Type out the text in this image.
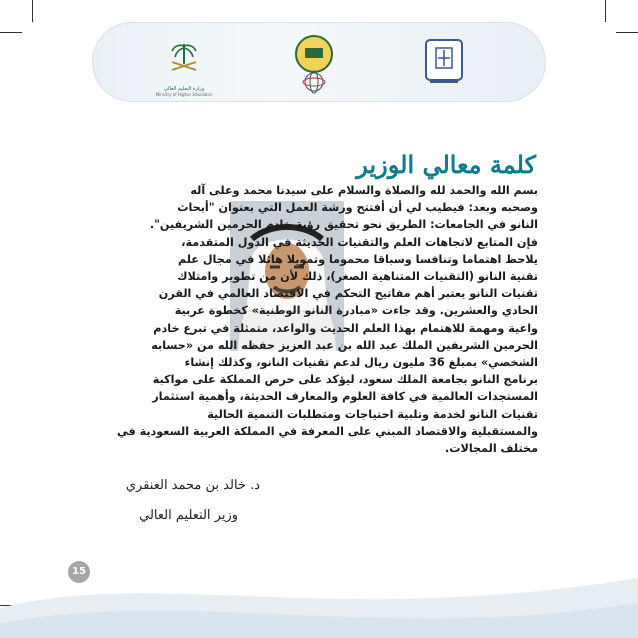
وزارة التعليم العالي
Ministry of Higher Education
كلمة معالي الوزير
بسم الله والحمد لله والصلاة والسلام على سيدنا محمد وعلى آله
وصحبه وبعد: فيطيب لي أن أفتتح ورشة العمل التي بعنوان "أبحاث
النانو في الجامعات: الطريق نحو تحقيق رؤية خادم الحرمين الشريفين".
فإن المتابع لاتجاهات العلم والتقنيات الحديثة في الدول المتقدمة،
يلاحظ اهتماما وتنافسا وسباقا محموما وتمويلا هائلا في مجال علم
تقنية النانو (التقنيات المتناهية الصغر)، ذلك لأن من تطوير وامتلاك
تقنيات النانو يعتبر أهم مفاتيح التحكم في الاقتصاد العالمي في القرن
الحادي والعشرين. وقد جاءت «مبادرة النانو الوطنية» كخطوة عربية
واعية ومهمة للاهتمام بهذا العلم الحديث والواعد، متمثلة في تبرع خادم
الحرمين الشريفين الملك عبد الله بن عبد العزيز حفظه الله من «حسابه
الشخصي» بمبلغ 36 مليون ريال لدعم تقنيات النانو، وكذلك إنشاء
برنامج النانو بجامعة الملك سعود، ليؤكد على حرص المملكة على مواكبة
المستجدات العالمية في كافة العلوم والمعارف الحديثة، وأهمية استثمار
تقنيات النانو لخدمة وتلبية احتياجات ومتطلبات التنمية الحالية
والمستقبلية والاقتصاد المبني على المعرفة في المملكة العربية السعودية في
مختلف المجالات.
د. خالد بن محمد العنقري
وزير التعليم العالي
15
